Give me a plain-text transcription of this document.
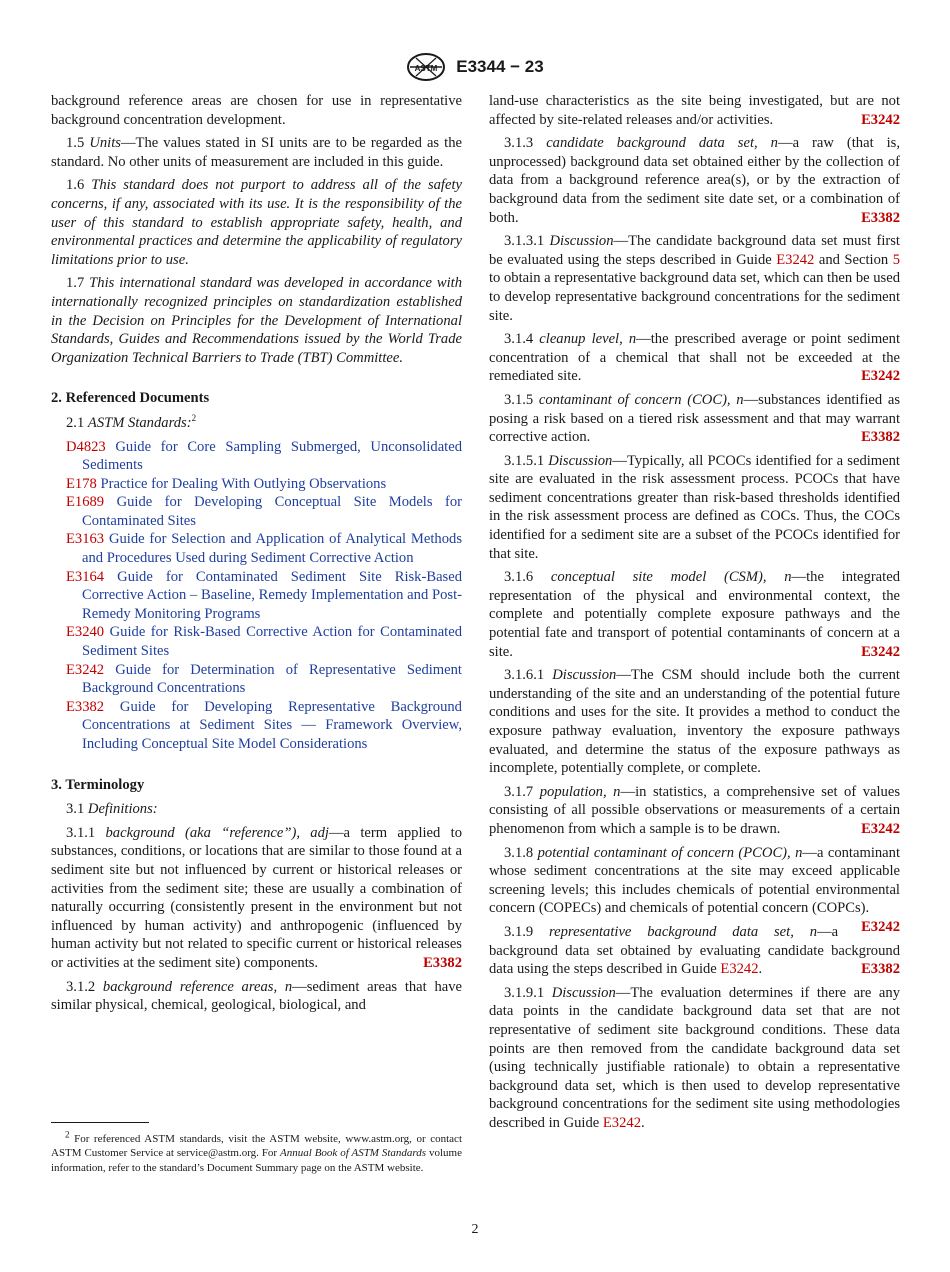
ASTM E3344 − 23

background reference areas are chosen for use in representative background concentration development.

1.5 Units—The values stated in SI units are to be regarded as the standard. No other units of measurement are included in this guide.

1.6 This standard does not purport to address all of the safety concerns, if any, associated with its use. It is the responsibility of the user of this standard to establish appropriate safety, health, and environmental practices and determine the applicability of regulatory limitations prior to use.

1.7 This international standard was developed in accordance with internationally recognized principles on standardization established in the Decision on Principles for the Development of International Standards, Guides and Recommendations issued by the World Trade Organization Technical Barriers to Trade (TBT) Committee.

2. Referenced Documents

2.1 ASTM Standards:$^2$

D4823 Guide for Core Sampling Submerged, Unconsolidated Sediments

E178 Practice for Dealing With Outlying Observations

E1689 Guide for Developing Conceptual Site Models for Contaminated Sites

E3163 Guide for Selection and Application of Analytical Methods and Procedures Used during Sediment Corrective Action

E3164 Guide for Contaminated Sediment Site Risk-Based Corrective Action – Baseline, Remedy Implementation and Post-Remedy Monitoring Programs

E3240 Guide for Risk-Based Corrective Action for Contaminated Sediment Sites

E3242 Guide for Determination of Representative Sediment Background Concentrations

E3382 Guide for Developing Representative Background Concentrations at Sediment Sites — Framework Overview, Including Conceptual Site Model Considerations

3. Terminology

3.1 Definitions:

3.1.1 background (aka “reference”), adj—a term applied to substances, conditions, or locations that are similar to those found at a sediment site but not influenced by current or historical releases or activities from the sediment site; these are usually a combination of naturally occurring (consistently present in the environment but not influenced by human activity) and anthropogenic (influenced by human activity but not related to specific current or historical releases or activities at the sediment site) components.	E3382

3.1.2 background reference areas, n—sediment areas that have similar physical, chemical, geological, biological, and

land-use characteristics as the site being investigated, but are not affected by site-related releases and/or activities.	E3242

3.1.3 candidate background data set, n—a raw (that is, unprocessed) background data set obtained either by the collection of data from a background reference area(s), or by the extraction of background data from the sediment site date set, or a combination of both.	E3382

3.1.3.1 Discussion—The candidate background data set must first be evaluated using the steps described in Guide E3242 and Section 5 to obtain a representative background data set, which can then be used to develop representative background concentrations for the sediment site.

3.1.4 cleanup level, n—the prescribed average or point sediment concentration of a chemical that shall not be exceeded at the remediated site.	E3242

3.1.5 contaminant of concern (COC), n—substances identified as posing a risk based on a tiered risk assessment and that may warrant corrective action.	E3382

3.1.5.1 Discussion—Typically, all PCOCs identified for a sediment site are evaluated in the risk assessment process. PCOCs that have sediment concentrations greater than risk-based thresholds identified in the risk assessment process are defined as COCs. Thus, the COCs identified for a sediment site are a subset of the PCOCs identified for that site.

3.1.6 conceptual site model (CSM), n—the integrated representation of the physical and environmental context, the complete and potentially complete exposure pathways and the potential fate and transport of potential contaminants of concern at a site.	E3242

3.1.6.1 Discussion—The CSM should include both the current understanding of the site and an understanding of the potential future conditions and uses for the site. It provides a method to conduct the exposure pathway evaluation, inventory the exposure pathways evaluated, and determine the status of the exposure pathways as incomplete, potentially complete, or complete.

3.1.7 population, n—in statistics, a comprehensive set of values consisting of all possible observations or measurements of a certain phenomenon from which a sample is to be drawn.	E3242

3.1.8 potential contaminant of concern (PCOC), n—a contaminant whose sediment concentrations at the site may exceed applicable screening levels; this includes chemicals of potential environmental concern (COPECs) and chemicals of potential concern (COPCs).
E3242

3.1.9 representative background data set, n—a background data set obtained by evaluating candidate background data using the steps described in Guide E3242.	E3382

3.1.9.1 Discussion—The evaluation determines if there are any data points in the candidate background data set that are not representative of sediment site background conditions. These data points are then removed from the candidate background data set (using technically justifiable rationale) to obtain a representative background data set, which is then used to develop representative background concentrations for the sediment site using methodologies described in Guide E3242.

$^2$ For referenced ASTM standards, visit the ASTM website, www.astm.org, or contact ASTM Customer Service at service@astm.org. For Annual Book of ASTM Standards volume information, refer to the standard’s Document Summary page on the ASTM website.
2
